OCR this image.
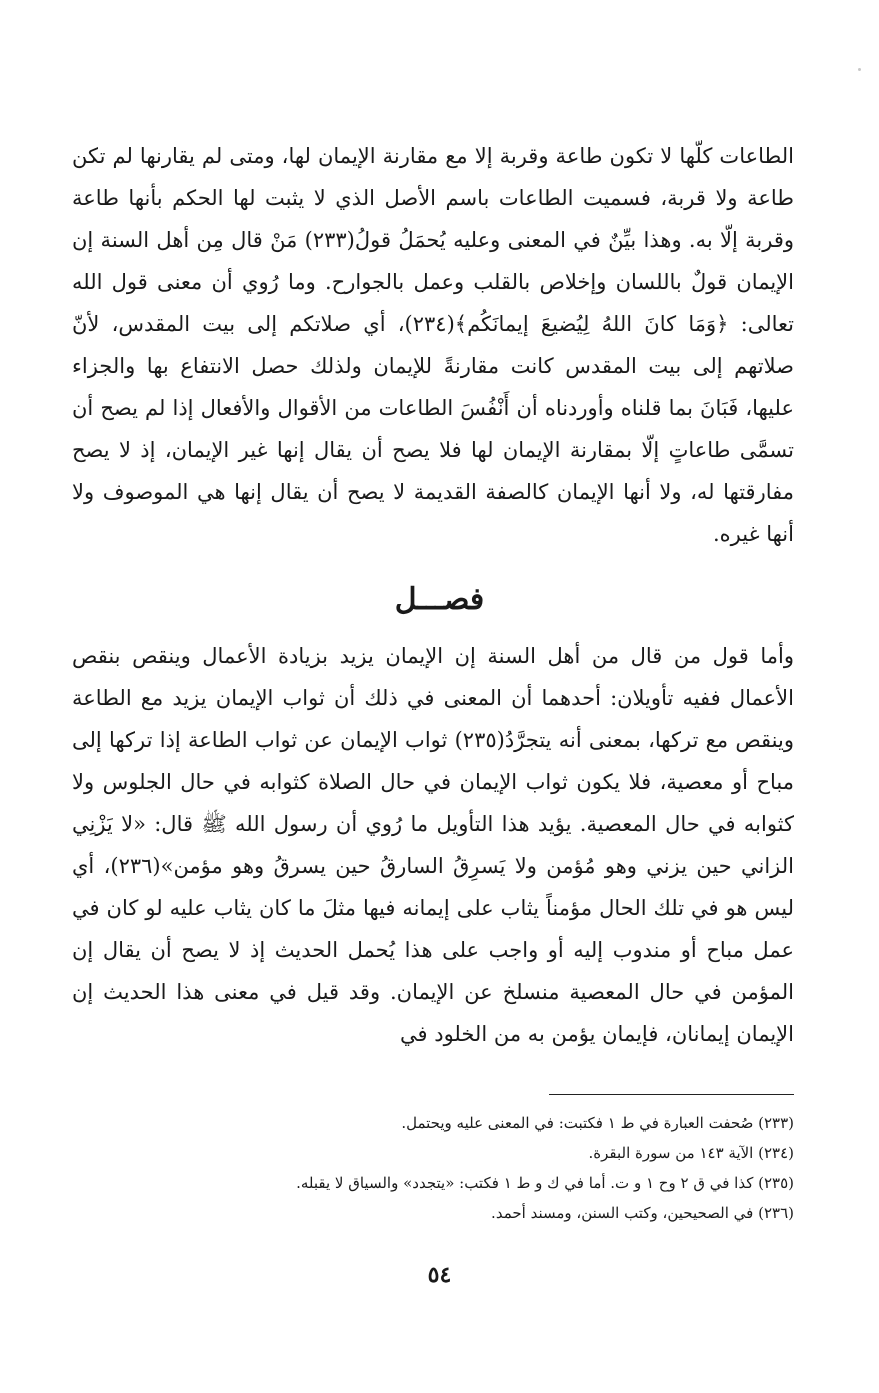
الطاعات كلّها لا تكون طاعة وقربة إلا مع مقارنة الإيمان لها، ومتى لم يقارنها لم تكن طاعة ولا قربة، فسميت الطاعات باسم الأصل الذي لا يثبت لها الحكم بأنها طاعة وقربة إلّا به. وهذا بيِّنٌ في المعنى وعليه يُحمَلُ قولُ(٢٣٣) مَنْ قال مِن أهل السنة إن الإيمان قولٌ باللسان وإخلاص بالقلب وعمل بالجوارح. وما رُوي أن معنى قول الله تعالى: ﴿وَمَا كانَ اللهُ لِيُضيعَ إيمانَكُم﴾(٢٣٤)، أي صلاتكم إلى بيت المقدس، لأنّ صلاتهم إلى بيت المقدس كانت مقارنةً للإيمان ولذلك حصل الانتفاع بها والجزاء عليها، فَبَانَ بما قلناه وأوردناه أن أَنْفُسَ الطاعات من الأقوال والأفعال إذا لم يصح أن تسمَّى طاعاتٍ إلّا بمقارنة الإيمان لها فلا يصح أن يقال إنها غير الإيمان، إذ لا يصح مفارقتها له، ولا أنها الإيمان كالصفة القديمة لا يصح أن يقال إنها هي الموصوف ولا أنها غيره.

فصـــل

وأما قول من قال من أهل السنة إن الإيمان يزيد بزيادة الأعمال وينقص بنقص الأعمال ففيه تأويلان: أحدهما أن المعنى في ذلك أن ثواب الإيمان يزيد مع الطاعة وينقص مع تركها، بمعنى أنه يتجرَّدُ(٢٣٥) ثواب الإيمان عن ثواب الطاعة إذا تركها إلى مباح أو معصية، فلا يكون ثواب الإيمان في حال الصلاة كثوابه في حال الجلوس ولا كثوابه في حال المعصية. يؤيد هذا التأويل ما رُوي أن رسول الله ﷺ قال: «لا يَزْنِي الزاني حين يزني وهو مُؤمن ولا يَسرِقُ السارقُ حين يسرقُ وهو مؤمن»(٢٣٦)، أي ليس هو في تلك الحال مؤمناً يثاب على إيمانه فيها مثلَ ما كان يثاب عليه لو كان في عمل مباح أو مندوب إليه أو واجب على هذا يُحمل الحديث إذ لا يصح أن يقال إن المؤمن في حال المعصية منسلخ عن الإيمان. وقد قيل في معنى هذا الحديث إن الإيمان إيمانان، فإيمان يؤمن به من الخلود في

(٢٣٣) صُحفت العبارة في ط ١ فكتبت: في المعنى عليه ويحتمل.
(٢٣٤) الآية ١٤٣ من سورة البقرة.
(٢٣٥) كذا في ق ٢ وح ١ و ت. أما في ك و ط ١ فكتب: «يتجدد» والسياق لا يقبله.
(٢٣٦) في الصحيحين، وكتب السنن، ومسند أحمد.
٥٤
